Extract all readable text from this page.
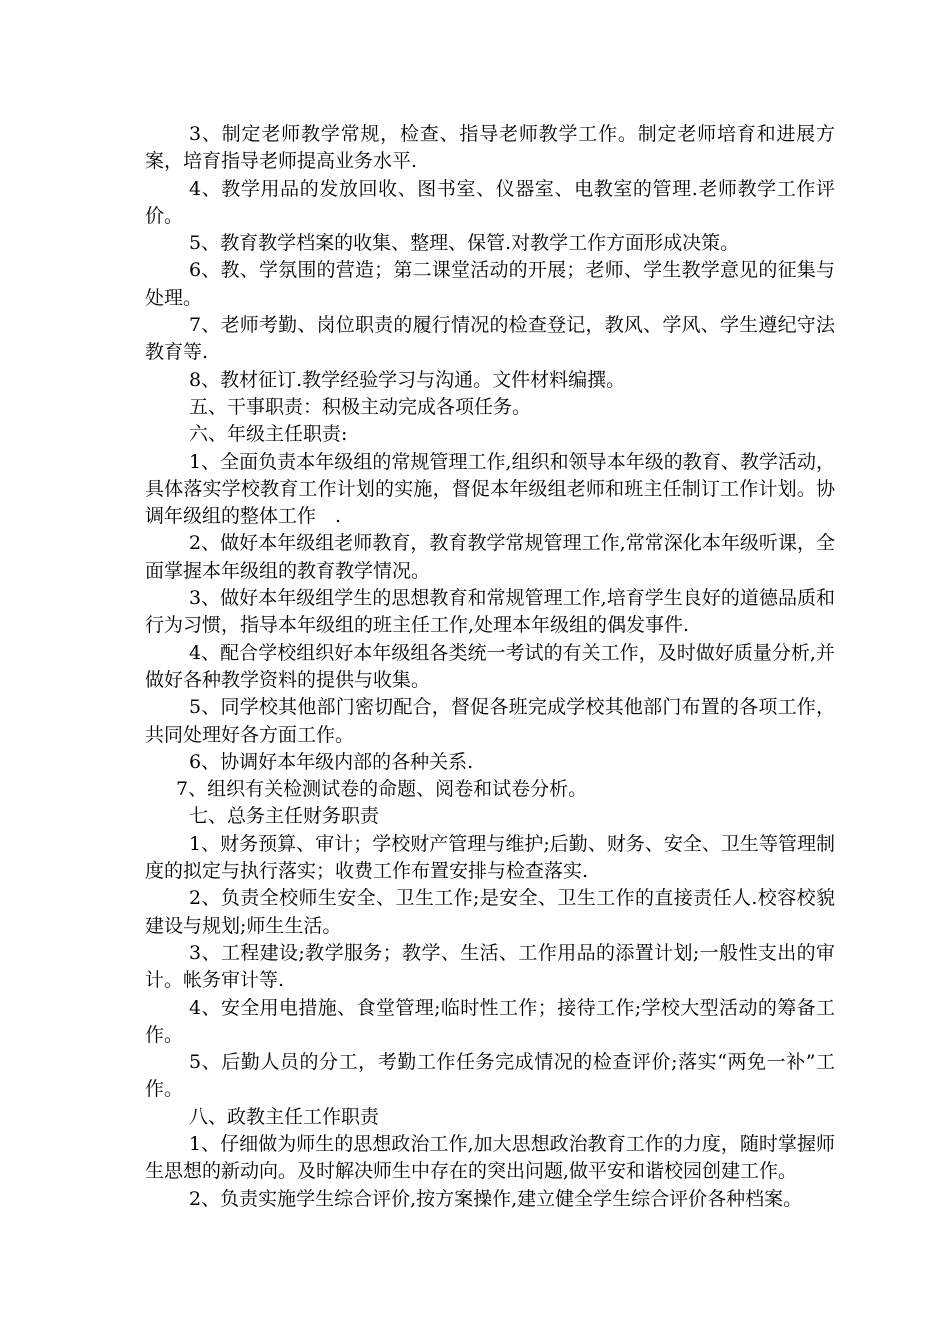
3、制定老师教学常规，检查、指导老师教学工作。制定老师培育和进展方案，培育指导老师提高业务水平.

4、教学用品的发放回收、图书室、仪器室、电教室的管理.老师教学工作评价。

5、教育教学档案的收集、整理、保管.对教学工作方面形成决策。

6、教、学氛围的营造；第二课堂活动的开展；老师、学生教学意见的征集与处理。

7、老师考勤、岗位职责的履行情况的检查登记，教风、学风、学生遵纪守法教育等.

8、教材征订.教学经验学习与沟通。文件材料编撰。

五、干事职责：积极主动完成各项任务。

六、年级主任职责:

1、全面负责本年级组的常规管理工作,组织和领导本年级的教育、教学活动，具体落实学校教育工作计划的实施，督促本年级组老师和班主任制订工作计划。协调年级组的整体工作　.

2、做好本年级组老师教育，教育教学常规管理工作,常常深化本年级听课，全面掌握本年级组的教育教学情况。

3、做好本年级组学生的思想教育和常规管理工作,培育学生良好的道德品质和行为习惯，指导本年级组的班主任工作,处理本年级组的偶发事件.

4、配合学校组织好本年级组各类统一考试的有关工作，及时做好质量分析,并做好各种教学资料的提供与收集。

5、同学校其他部门密切配合，督促各班完成学校其他部门布置的各项工作，共同处理好各方面工作。

6、协调好本年级内部的各种关系.

7、组织有关检测试卷的命题、阅卷和试卷分析。

七、总务主任财务职责

1、财务预算、审计；学校财产管理与维护;后勤、财务、安全、卫生等管理制度的拟定与执行落实；收费工作布置安排与检查落实.

2、负责全校师生安全、卫生工作;是安全、卫生工作的直接责任人.校容校貌建设与规划;师生生活。

3、工程建设;教学服务；教学、生活、工作用品的添置计划;一般性支出的审计。帐务审计等.

4、安全用电措施、食堂管理;临时性工作；接待工作;学校大型活动的筹备工作。

5、后勤人员的分工，考勤工作任务完成情况的检查评价;落实“两免一补”工作。

八、政教主任工作职责

1、仔细做为师生的思想政治工作,加大思想政治教育工作的力度，随时掌握师生思想的新动向。及时解决师生中存在的突出问题,做平安和谐校园创建工作。

2、负责实施学生综合评价,按方案操作,建立健全学生综合评价各种档案。
